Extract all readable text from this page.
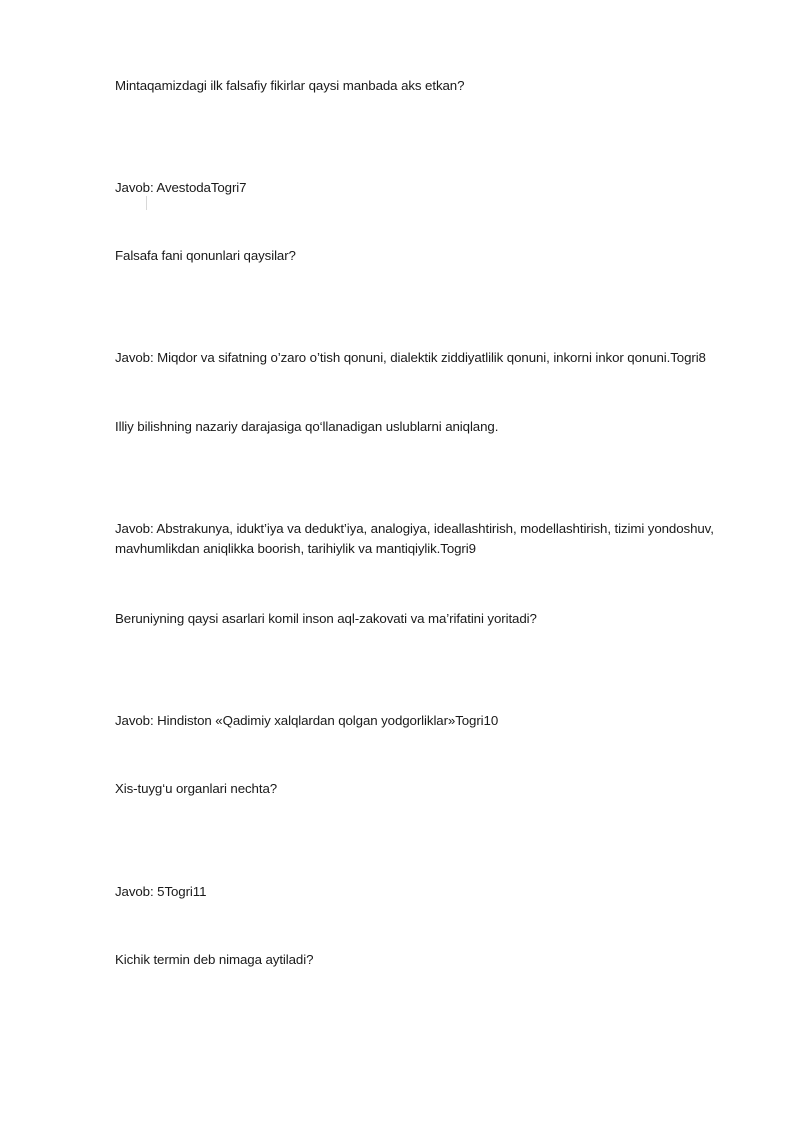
Mintaqamizdagi ilk falsafiy fikirlar qaysi manbada aks etkan?
Javob: AvestodaTogri7
Falsafa fani qonunlari qaysilar?
Javob: Miqdor va sifatning o’zaro o’tish qonuni, dialektik ziddiyatlilik qonuni, inkorni inkor qonuni.Togri8
Illiy bilishning nazariy darajasiga qo‘llanadigan uslublarni aniqlang.
Javob: Abstrakunya, idukt’iya va dedukt’iya, analogiya, ideallashtirish, modellashtirish, tizimi yondoshuv, mavhumlikdan aniqlikka boorish, tarihiylik va mantiqiylik.Togri9
Beruniyning qaysi asarlari komil inson aql-zakovati va ma’rifatini yoritadi?
Javob: Hindiston «Qadimiy xalqlardan qolgan yodgorliklar»Togri10
Xis-tuyg‘u organlari nechta?
Javob: 5Togri11
Kichik termin deb nimaga aytiladi?
